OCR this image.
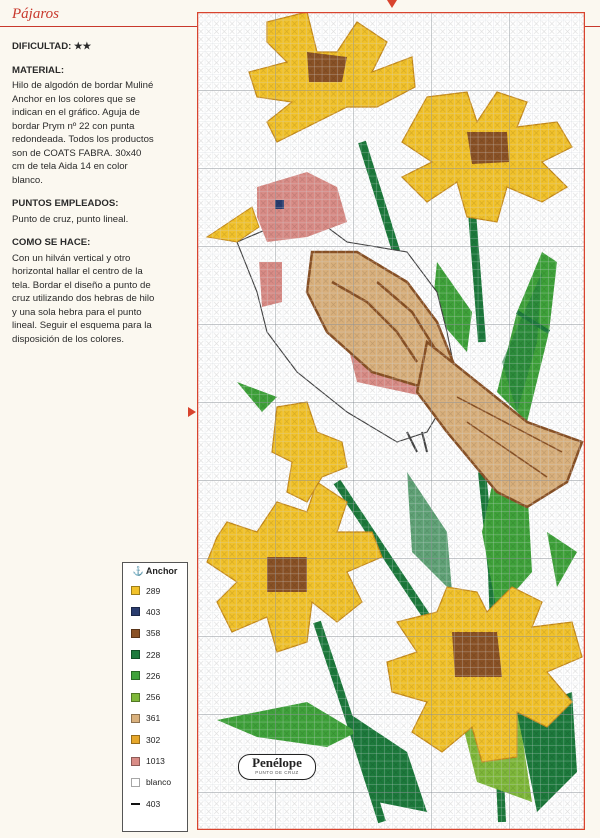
Pájaros
DIFICULTAD: ★★
MATERIAL:
Hilo de algodón de bordar Muliné Anchor en los colores que se indican en el gráfico. Aguja de bordar Prym nº 22 con punta redondeada. Todos los productos son de COATS FABRA. 30x40 cm de tela Aida 14 en color blanco.
PUNTOS EMPLEADOS:
Punto de cruz, punto lineal.
COMO SE HACE:
Con un hilván vertical y otro horizontal hallar el centro de la tela. Bordar el diseño a punto de cruz utilizando dos hebras de hilo y una sola hebra para el punto lineal. Seguir el esquema para la disposición de los colores.
Penélope
PUNTO DE CRUZ
⚓ Anchor
289
403
358
228
226
256
361
302
1013
blanco
403
